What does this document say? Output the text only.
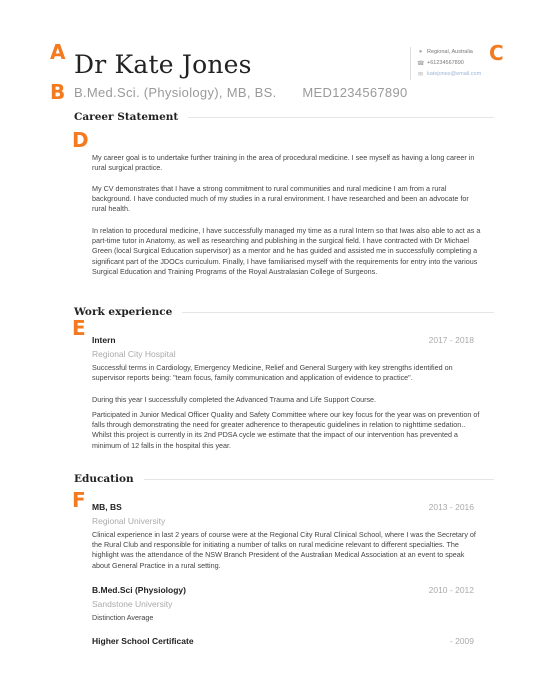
A
B
C
D
E
F
Dr Kate Jones
B.Med.Sci. (Physiology), MB, BS. MED1234567890
● Regional, Australia
☎ +61234567890
✉ katejones@email.com
Career Statement

My career goal is to undertake further training in the area of procedural medicine. I see myself as having a long career in rural surgical practice.

My CV demonstrates that I have a strong commitment to rural communities and rural medicine I am from a rural background. I have conducted much of my studies in a rural environment. I have researched and been an advocate for rural health.

In relation to procedural medicine, I have successfully managed my time as a rural Intern so that Iwas also able to act as a part-time tutor in Anatomy, as well as researching and publishing in the surgical field. I have contracted with Dr Michael Green (local Surgical Education supervisor) as a mentor and he has guided and assisted me in successfully completing a significant part of the JDOCs curriculum. Finally, I have familiarised myself with the requirements for entry into the various Surgical Education and Training Programs of the Royal Australasian College of Surgeons.

Work experience
Intern	2017 - 2018
Regional City Hospital

Successful terms in Cardiology, Emergency Medicine, Relief and General Surgery with key strengths identified on supervisor reports being: "team focus, family communication and application of evidence to practice".

During this year I successfully completed the Advanced Trauma and Life Support Course.

Participated in Junior Medical Officer Quality and Safety Committee where our key focus for the year was on prevention of falls through demonstrating the need for greater adherence to therapeutic guidelines in relation to nighttime sedation.. Whilst this project is currently in its 2nd PDSA cycle we estimate that the impact of our intervention has prevented a minimum of 12 falls in the hospital this year.

Education
MB, BS	2013 - 2016
Regional University

Clinical experience in last 2 years of course were at the Regional City Rural Clinical School, where I was the Secretary of the Rural Club and responsible for initiating a number of talks on rural medicine relevant to different specialties. The highlight was the attendance of the NSW Branch President of the Australian Medical Association at an event to speak about General Practice in a rural setting.

B.Med.Sci (Physiology)	2010 - 2012
Sandstone University

Distinction Average

Higher School Certificate	- 2009
